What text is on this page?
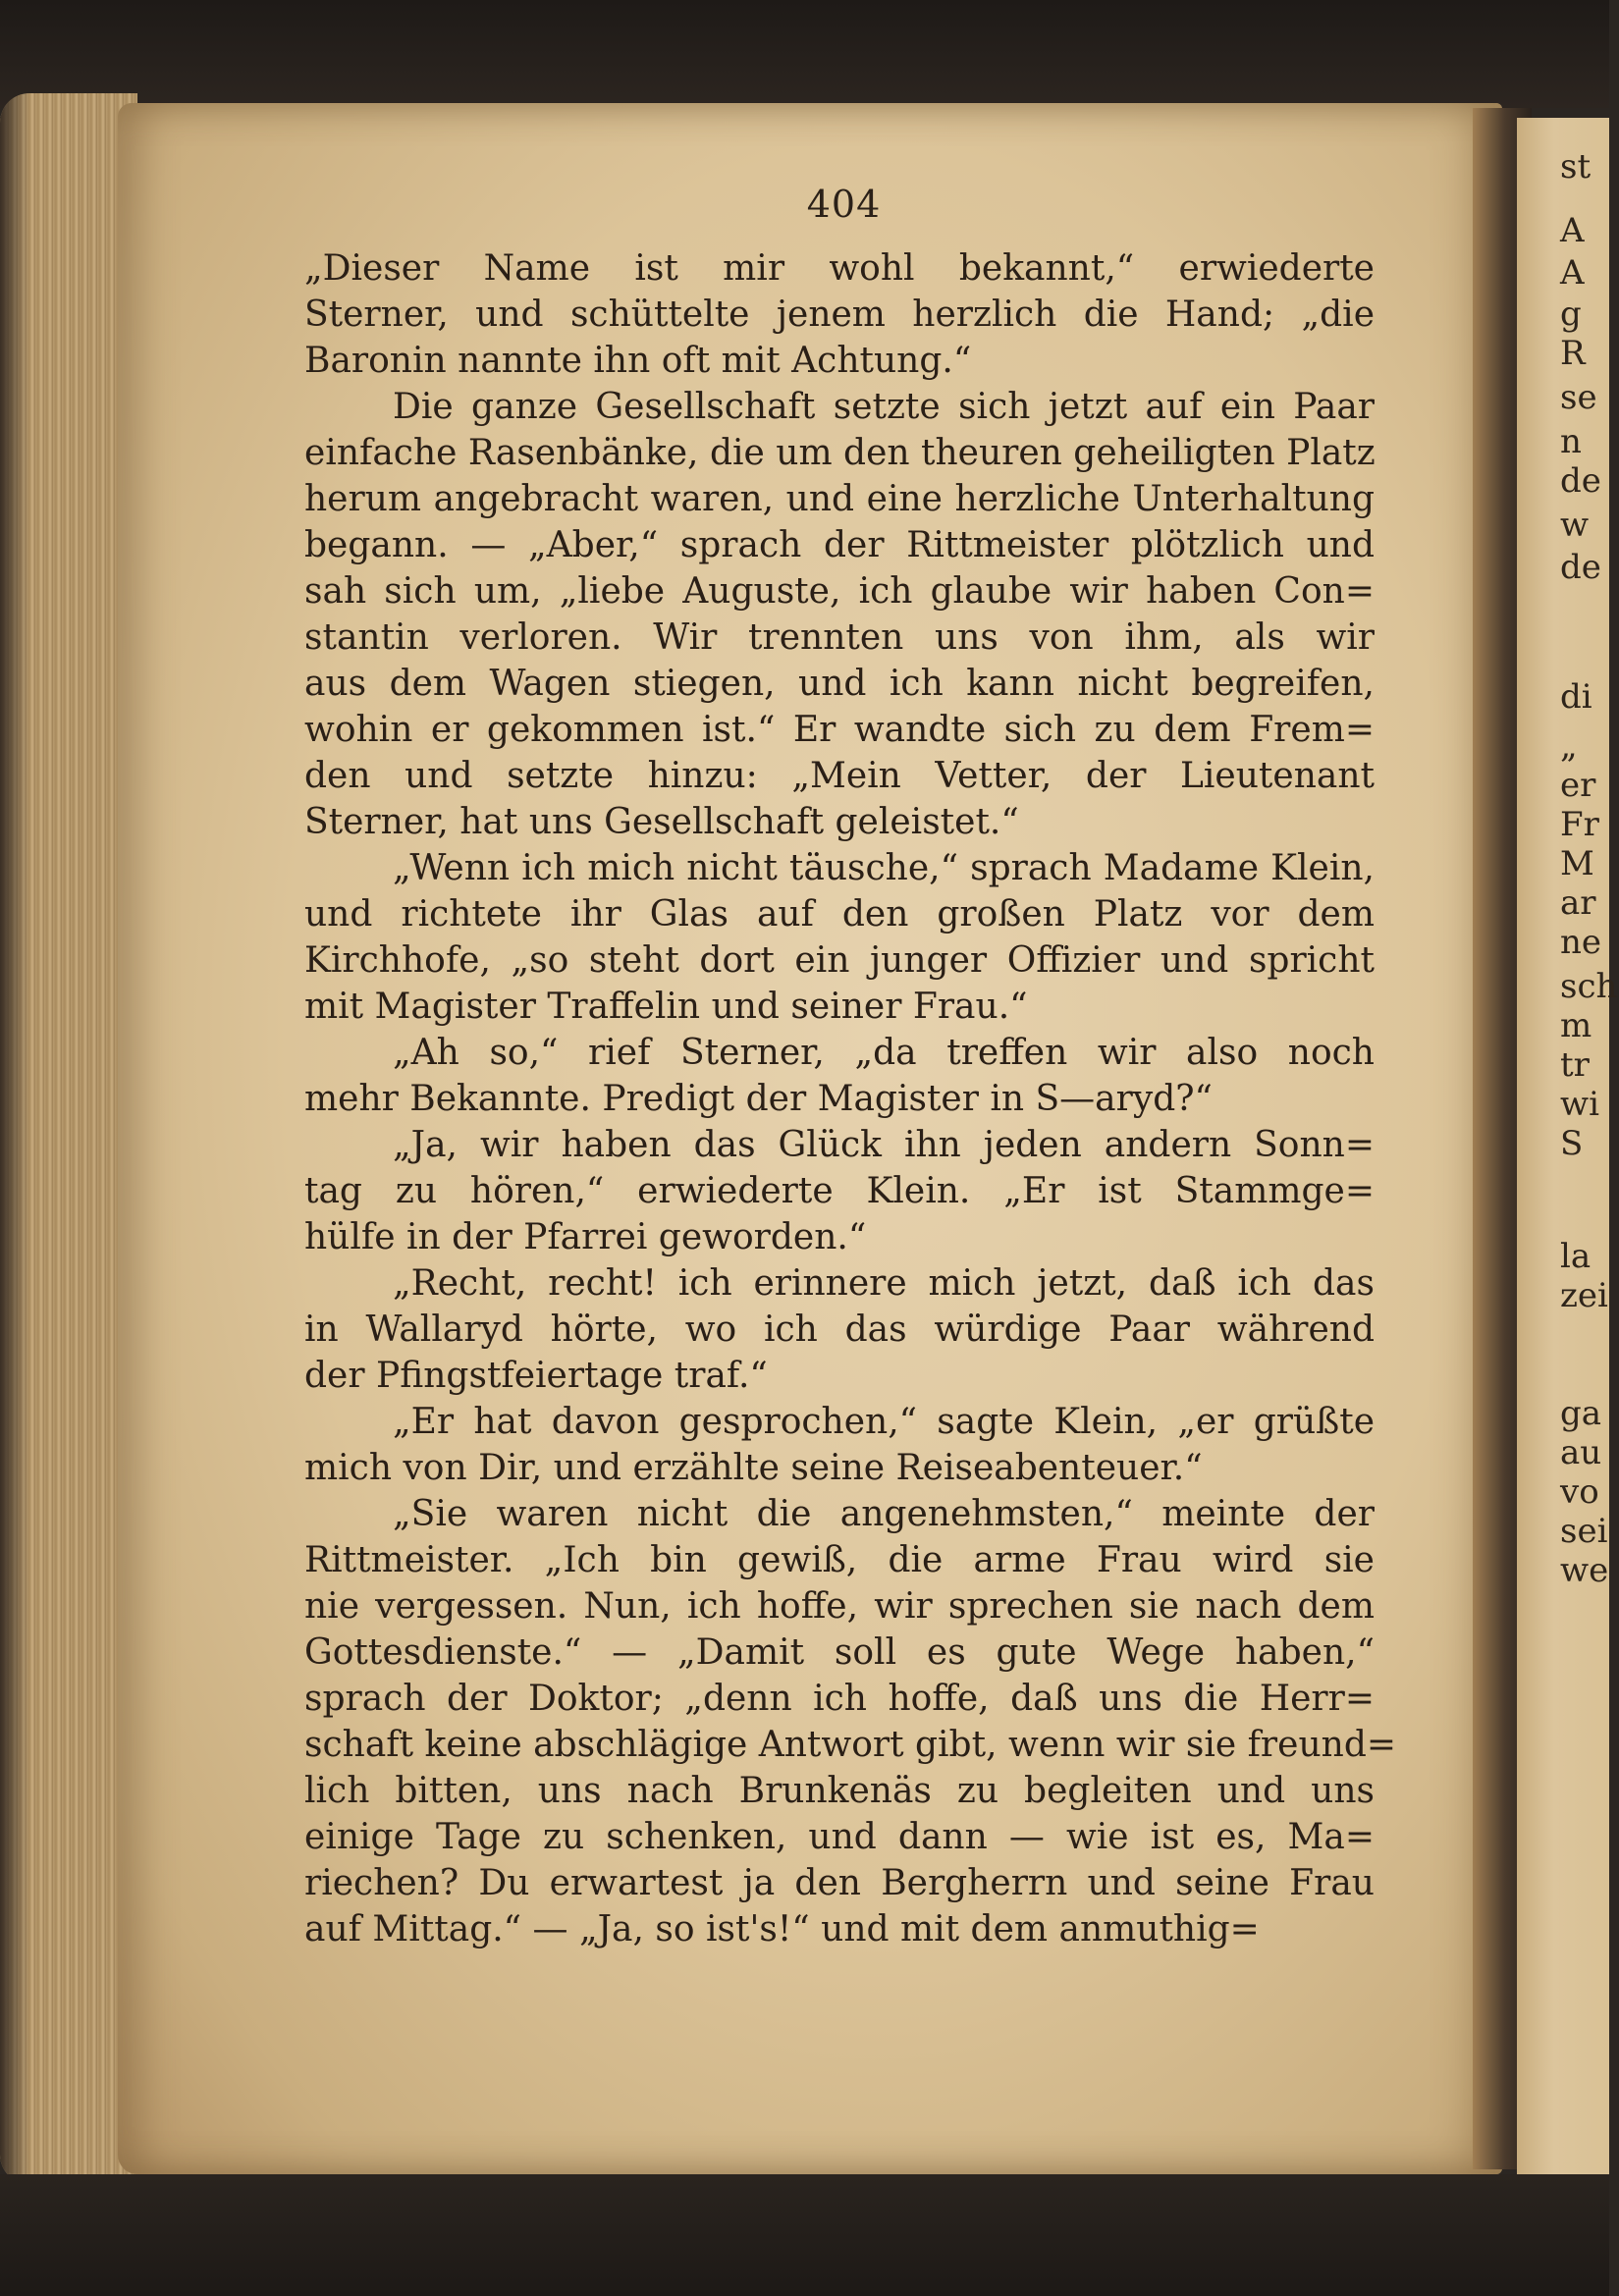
st
A
A
g
R
se
n
de
w
de
di
„
er
Fr
M
ar
ne
sch
m
tr
wi
S
la
zei
ga
au
vo
sei
we
404
„Dieser Name ist mir wohl bekannt,“ erwiederte
Sterner, und schüttelte jenem herzlich die Hand; „die
Baronin nannte ihn oft mit Achtung.“
Die ganze Gesellschaft setzte sich jetzt auf ein Paar
einfache Rasenbänke, die um den theuren geheiligten Platz
herum angebracht waren, und eine herzliche Unterhaltung
begann. — „Aber,“ sprach der Rittmeister plötzlich und
sah sich um, „liebe Auguste, ich glaube wir haben Con=
stantin verloren. Wir trennten uns von ihm, als wir
aus dem Wagen stiegen, und ich kann nicht begreifen,
wohin er gekommen ist.“ Er wandte sich zu dem Frem=
den und setzte hinzu: „Mein Vetter, der Lieutenant
Sterner, hat uns Gesellschaft geleistet.“
„Wenn ich mich nicht täusche,“ sprach Madame Klein,
und richtete ihr Glas auf den großen Platz vor dem
Kirchhofe, „so steht dort ein junger Offizier und spricht
mit Magister Traffelin und seiner Frau.“
„Ah so,“ rief Sterner, „da treffen wir also noch
mehr Bekannte. Predigt der Magister in S—aryd?“
„Ja, wir haben das Glück ihn jeden andern Sonn=
tag zu hören,“ erwiederte Klein. „Er ist Stammge=
hülfe in der Pfarrei geworden.“
„Recht, recht! ich erinnere mich jetzt, daß ich das
in Wallaryd hörte, wo ich das würdige Paar während
der Pfingstfeiertage traf.“
„Er hat davon gesprochen,“ sagte Klein, „er grüßte
mich von Dir, und erzählte seine Reiseabenteuer.“
„Sie waren nicht die angenehmsten,“ meinte der
Rittmeister. „Ich bin gewiß, die arme Frau wird sie
nie vergessen. Nun, ich hoffe, wir sprechen sie nach dem
Gottesdienste.“ — „Damit soll es gute Wege haben,“
sprach der Doktor; „denn ich hoffe, daß uns die Herr=
schaft keine abschlägige Antwort gibt, wenn wir sie freund=
lich bitten, uns nach Brunkenäs zu begleiten und uns
einige Tage zu schenken, und dann — wie ist es, Ma=
riechen? Du erwartest ja den Bergherrn und seine Frau
auf Mittag.“ — „Ja, so ist's!“ und mit dem anmuthig=
